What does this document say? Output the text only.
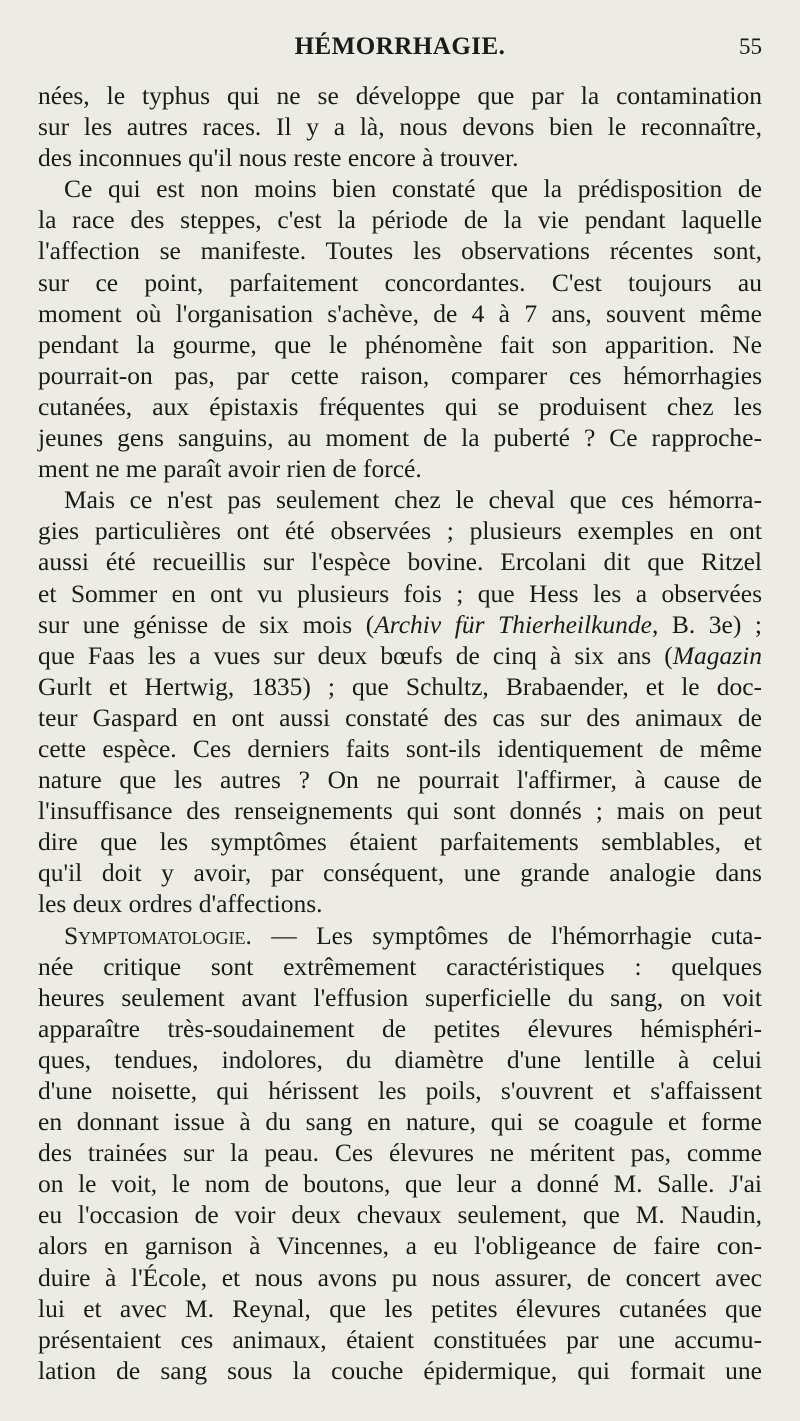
HÉMORRHAGIE.	55
nées, le typhus qui ne se développe que par la contamination
sur les autres races. Il y a là, nous devons bien le reconnaître,
des inconnues qu'il nous reste encore à trouver.
Ce qui est non moins bien constaté que la prédisposition de
la race des steppes, c'est la période de la vie pendant laquelle
l'affection se manifeste. Toutes les observations récentes sont,
sur ce point, parfaitement concordantes. C'est toujours au
moment où l'organisation s'achève, de 4 à 7 ans, souvent même
pendant la gourme, que le phénomène fait son apparition. Ne
pourrait-on pas, par cette raison, comparer ces hémorrhagies
cutanées, aux épistaxis fréquentes qui se produisent chez les
jeunes gens sanguins, au moment de la puberté ? Ce rapproche-
ment ne me paraît avoir rien de forcé.
Mais ce n'est pas seulement chez le cheval que ces hémorra-
gies particulières ont été observées ; plusieurs exemples en ont
aussi été recueillis sur l'espèce bovine. Ercolani dit que Ritzel
et Sommer en ont vu plusieurs fois ; que Hess les a observées
sur une génisse de six mois (Archiv für Thierheilkunde, B. 3e) ;
que Faas les a vues sur deux bœufs de cinq à six ans (Magazin
Gurlt et Hertwig, 1835) ; que Schultz, Brabaender, et le doc-
teur Gaspard en ont aussi constaté des cas sur des animaux de
cette espèce. Ces derniers faits sont-ils identiquement de même
nature que les autres ? On ne pourrait l'affirmer, à cause de
l'insuffisance des renseignements qui sont donnés ; mais on peut
dire que les symptômes étaient parfaitements semblables, et
qu'il doit y avoir, par conséquent, une grande analogie dans
les deux ordres d'affections.
Symptomatologie. — Les symptômes de l'hémorrhagie cuta-
née critique sont extrêmement caractéristiques : quelques
heures seulement avant l'effusion superficielle du sang, on voit
apparaître très-soudainement de petites élevures hémisphéri-
ques, tendues, indolores, du diamètre d'une lentille à celui
d'une noisette, qui hérissent les poils, s'ouvrent et s'affaissent
en donnant issue à du sang en nature, qui se coagule et forme
des trainées sur la peau. Ces élevures ne méritent pas, comme
on le voit, le nom de boutons, que leur a donné M. Salle. J'ai
eu l'occasion de voir deux chevaux seulement, que M. Naudin,
alors en garnison à Vincennes, a eu l'obligeance de faire con-
duire à l'École, et nous avons pu nous assurer, de concert avec
lui et avec M. Reynal, que les petites élevures cutanées que
présentaient ces animaux, étaient constituées par une accumu-
lation de sang sous la couche épidermique, qui formait une
